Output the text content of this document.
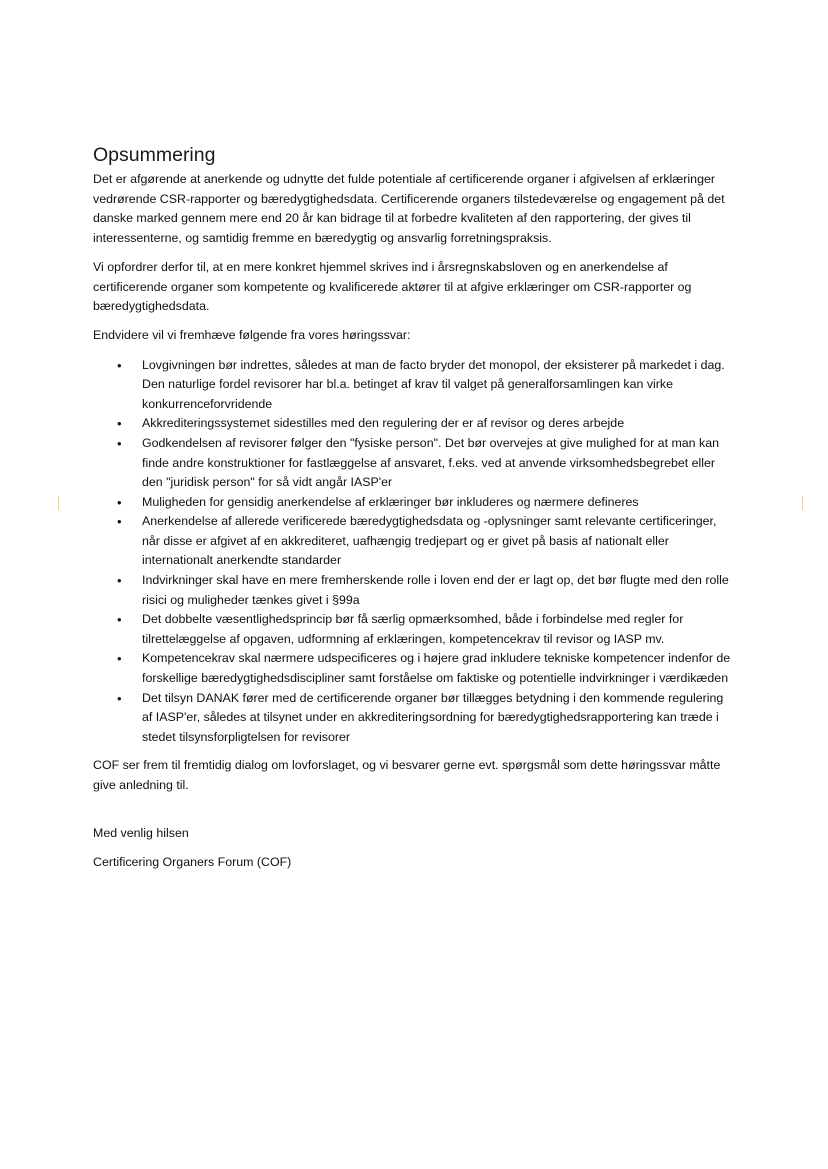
Opsummering

Det er afgørende at anerkende og udnytte det fulde potentiale af certificerende organer i afgivelsen af erklæringer vedrørende CSR-rapporter og bæredygtighedsdata. Certificerende organers tilstedeværelse og engagement på det danske marked gennem mere end 20 år kan bidrage til at forbedre kvaliteten af den rapportering, der gives til interessenterne, og samtidig fremme en bæredygtig og ansvarlig forretningspraksis.

Vi opfordrer derfor til, at en mere konkret hjemmel skrives ind i årsregnskabsloven og en anerkendelse af certificerende organer som kompetente og kvalificerede aktører til at afgive erklæringer om CSR-rapporter og bæredygtighedsdata.

Endvidere vil vi fremhæve følgende fra vores høringssvar:

• Lovgivningen bør indrettes, således at man de facto bryder det monopol, der eksisterer på markedet i dag. Den naturlige fordel revisorer har bl.a. betinget af krav til valget på generalforsamlingen kan virke konkurrenceforvridende
• Akkrediteringssystemet sidestilles med den regulering der er af revisor og deres arbejde
• Godkendelsen af revisorer følger den "fysiske person". Det bør overvejes at give mulighed for at man kan finde andre konstruktioner for fastlæggelse af ansvaret, f.eks. ved at anvende virksomhedsbegrebet eller den "juridisk person" for så vidt angår IASP'er
• Muligheden for gensidig anerkendelse af erklæringer bør inkluderes og nærmere defineres
• Anerkendelse af allerede verificerede bæredygtighedsdata og -oplysninger samt relevante certificeringer, når disse er afgivet af en akkrediteret, uafhængig tredjepart og er givet på basis af nationalt eller internationalt anerkendte standarder
• Indvirkninger skal have en mere fremherskende rolle i loven end der er lagt op, det bør flugte med den rolle risici og muligheder tænkes givet i §99a
• Det dobbelte væsentlighedsprincip bør få særlig opmærksomhed, både i forbindelse med regler for tilrettelæggelse af opgaven, udformning af erklæringen, kompetencekrav til revisor og IASP mv.
• Kompetencekrav skal nærmere udspecificeres og i højere grad inkludere tekniske kompetencer indenfor de forskellige bæredygtighedsdiscipliner samt forståelse om faktiske og potentielle indvirkninger i værdikæden
• Det tilsyn DANAK fører med de certificerende organer bør tillægges betydning i den kommende regulering af IASP'er, således at tilsynet under en akkrediteringsordning for bæredygtighedsrapportering kan træde i stedet tilsynsforpligtelsen for revisorer

COF ser frem til fremtidig dialog om lovforslaget, og vi besvarer gerne evt. spørgsmål som dette høringssvar måtte give anledning til.

Med venlig hilsen

Certificering Organers Forum (COF)
